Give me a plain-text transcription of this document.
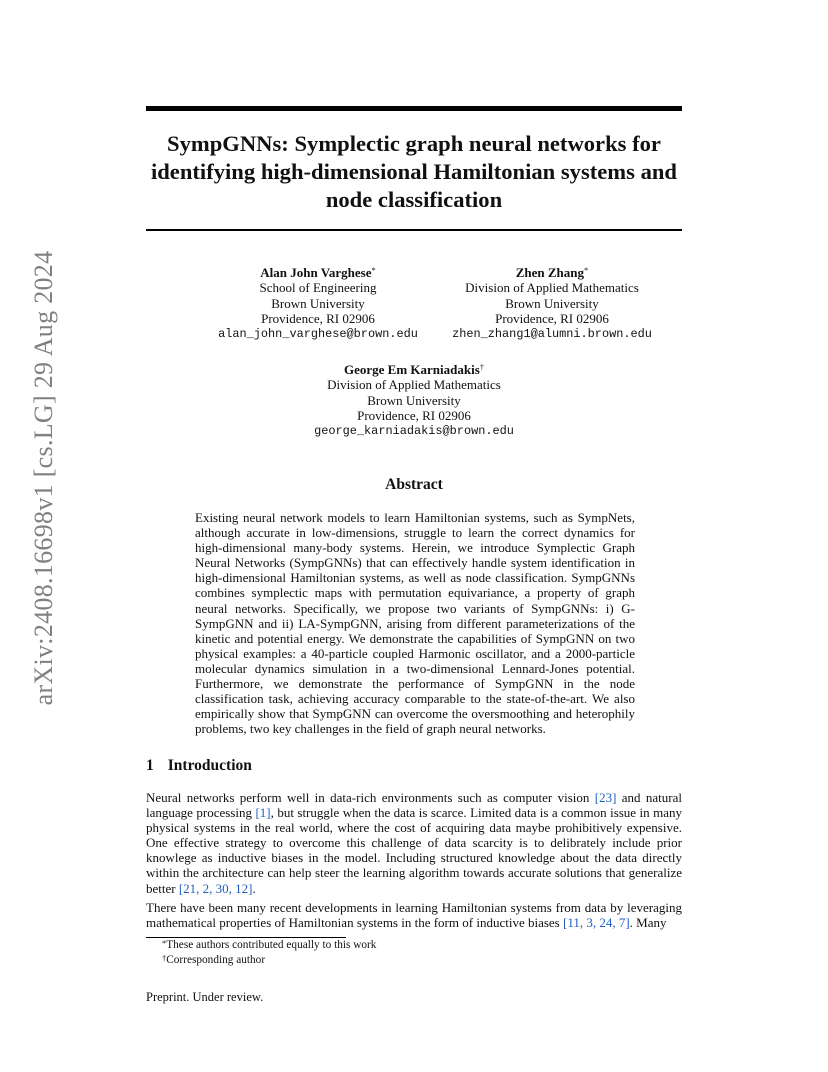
arXiv:2408.16698v1 [cs.LG] 29 Aug 2024
SympGNNs: Symplectic graph neural networks for identifying high-dimensional Hamiltonian systems and node classification
Alan John Varghese*
School of Engineering
Brown University
Providence, RI 02906
alan_john_varghese@brown.edu
Zhen Zhang*
Division of Applied Mathematics
Brown University
Providence, RI 02906
zhen_zhang1@alumni.brown.edu
George Em Karniadakis†
Division of Applied Mathematics
Brown University
Providence, RI 02906
george_karniadakis@brown.edu
Abstract
Existing neural network models to learn Hamiltonian systems, such as SympNets, although accurate in low-dimensions, struggle to learn the correct dynamics for high-dimensional many-body systems. Herein, we introduce Symplectic Graph Neural Networks (SympGNNs) that can effectively handle system identification in high-dimensional Hamiltonian systems, as well as node classification. SympGNNs combines symplectic maps with permutation equivariance, a property of graph neural networks. Specifically, we propose two variants of SympGNNs: i) G-SympGNN and ii) LA-SympGNN, arising from different parameterizations of the kinetic and potential energy. We demonstrate the capabilities of SympGNN on two physical examples: a 40-particle coupled Harmonic oscillator, and a 2000-particle molecular dynamics simulation in a two-dimensional Lennard-Jones potential. Furthermore, we demonstrate the performance of SympGNN in the node classification task, achieving accuracy comparable to the state-of-the-art. We also empirically show that SympGNN can overcome the oversmoothing and heterophily problems, two key challenges in the field of graph neural networks.
1 Introduction
Neural networks perform well in data-rich environments such as computer vision [23] and natural language processing [1], but struggle when the data is scarce. Limited data is a common issue in many physical systems in the real world, where the cost of acquiring data maybe prohibitively expensive. One effective strategy to overcome this challenge of data scarcity is to delibrately include prior knowlege as inductive biases in the model. Including structured knowledge about the data directly within the architecture can help steer the learning algorithm towards accurate solutions that generalize better [21, 2, 30, 12].
There have been many recent developments in learning Hamiltonian systems from data by leveraging mathematical properties of Hamiltonian systems in the form of inductive biases [11, 3, 24, 7]. Many
*These authors contributed equally to this work
†Corresponding author
Preprint. Under review.
